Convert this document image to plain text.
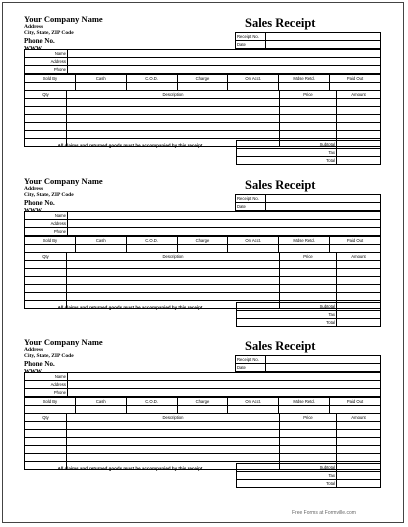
Free Forms at Formville.com
Your Company Name
Address
City, State, ZIP Code
Phone No.
WWW
Sales Receipt
Receipt No.	
Date	
Name	
Address	
Phone	
Sold By	Cash	C.O.D.	Charge	On Acct.	Mdse Retd.	Paid Out

Qty	Description	Price	Amount

All claims and returned goods must be accompanied by this receipt	Subtotal	
Tax	
Total	
Your Company Name
Address
City, State, ZIP Code
Phone No.
WWW
Sales Receipt
Receipt No.	
Date	
Name	
Address	
Phone	
Sold By	Cash	C.O.D.	Charge	On Acct.	Mdse Retd.	Paid Out

Qty	Description	Price	Amount

All claims and returned goods must be accompanied by this receipt	Subtotal	
Tax	
Total	
Your Company Name
Address
City, State, ZIP Code
Phone No.
WWW
Sales Receipt
Receipt No.	
Date	
Name	
Address	
Phone	
Sold By	Cash	C.O.D.	Charge	On Acct.	Mdse Retd.	Paid Out

Qty	Description	Price	Amount

All claims and returned goods must be accompanied by this receipt	Subtotal	
Tax	
Total	
